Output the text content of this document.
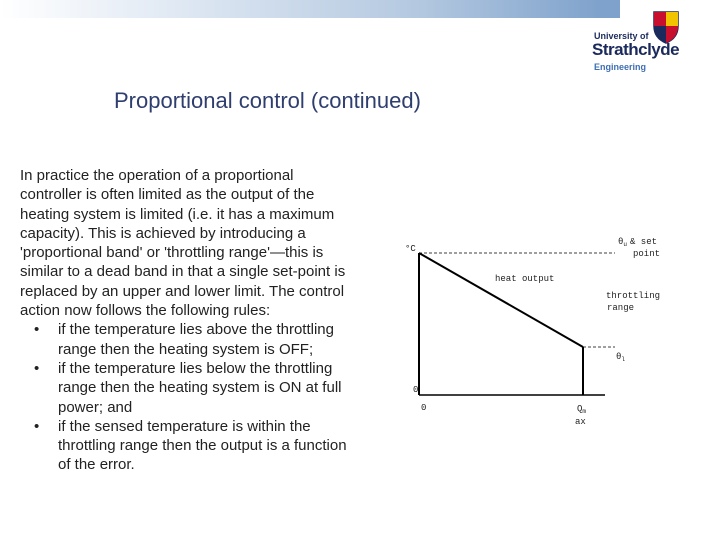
University of
Strathclyde
Engineering
Proportional control (continued)

In practice the operation of a proportional controller is often limited as the output of the heating system is limited (i.e. it has a maximum capacity). This is achieved by introducing a 'proportional band' or 'throttling range'—this is similar to a dead band in that a single set-point is replaced by an upper and lower limit. The control action now follows the following rules:

• if the temperature lies above the throttling range then the heating system is OFF;
• if the temperature lies below the throttling range then the heating system is ON at full power; and
• if the sensed temperature is within the throttling range then the output is a function of the error.
°C
0
0
heat output
$\theta_u$ & set
point
throttling
range
$\theta_l$
$Q_m$
ax
